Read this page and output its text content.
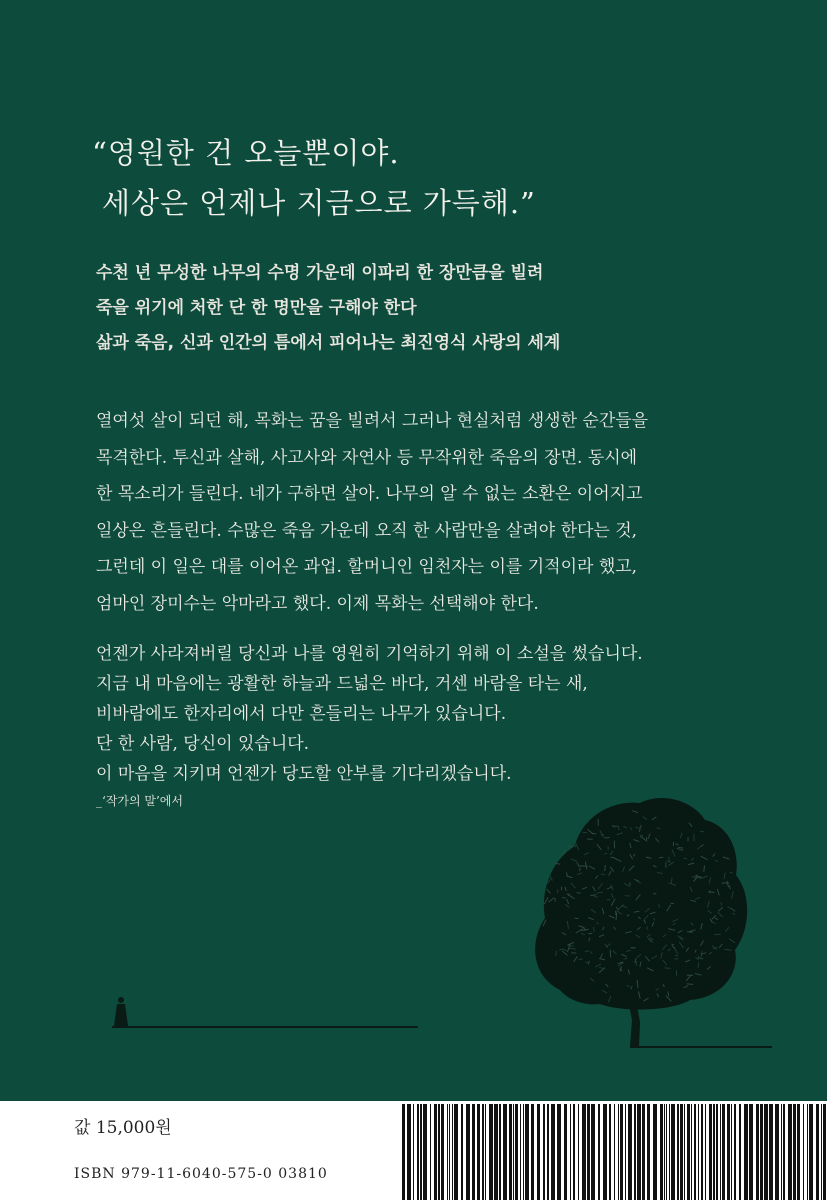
“영원한 건 오늘뿐이야.
세상은 언제나 지금으로 가득해.”
수천 년 무성한 나무의 수명 가운데 이파리 한 장만큼을 빌려
죽을 위기에 처한 단 한 명만을 구해야 한다
삶과 죽음, 신과 인간의 틈에서 피어나는 최진영식 사랑의 세계
열여섯 살이 되던 해, 목화는 꿈을 빌려서 그러나 현실처럼 생생한 순간들을
목격한다. 투신과 살해, 사고사와 자연사 등 무작위한 죽음의 장면. 동시에
한 목소리가 들린다. 네가 구하면 살아. 나무의 알 수 없는 소환은 이어지고
일상은 흔들린다. 수많은 죽음 가운데 오직 한 사람만을 살려야 한다는 것,
그런데 이 일은 대를 이어온 과업. 할머니인 임천자는 이를 기적이라 했고,
엄마인 장미수는 악마라고 했다. 이제 목화는 선택해야 한다.
언젠가 사라져버릴 당신과 나를 영원히 기억하기 위해 이 소설을 썼습니다.
지금 내 마음에는 광활한 하늘과 드넓은 바다, 거센 바람을 타는 새,
비바람에도 한자리에서 다만 흔들리는 나무가 있습니다.
단 한 사람, 당신이 있습니다.
이 마음을 지키며 언젠가 당도할 안부를 기다리겠습니다.
_‘작가의 말’에서
값 15,000원
ISBN 979-11-6040-575-0 03810
